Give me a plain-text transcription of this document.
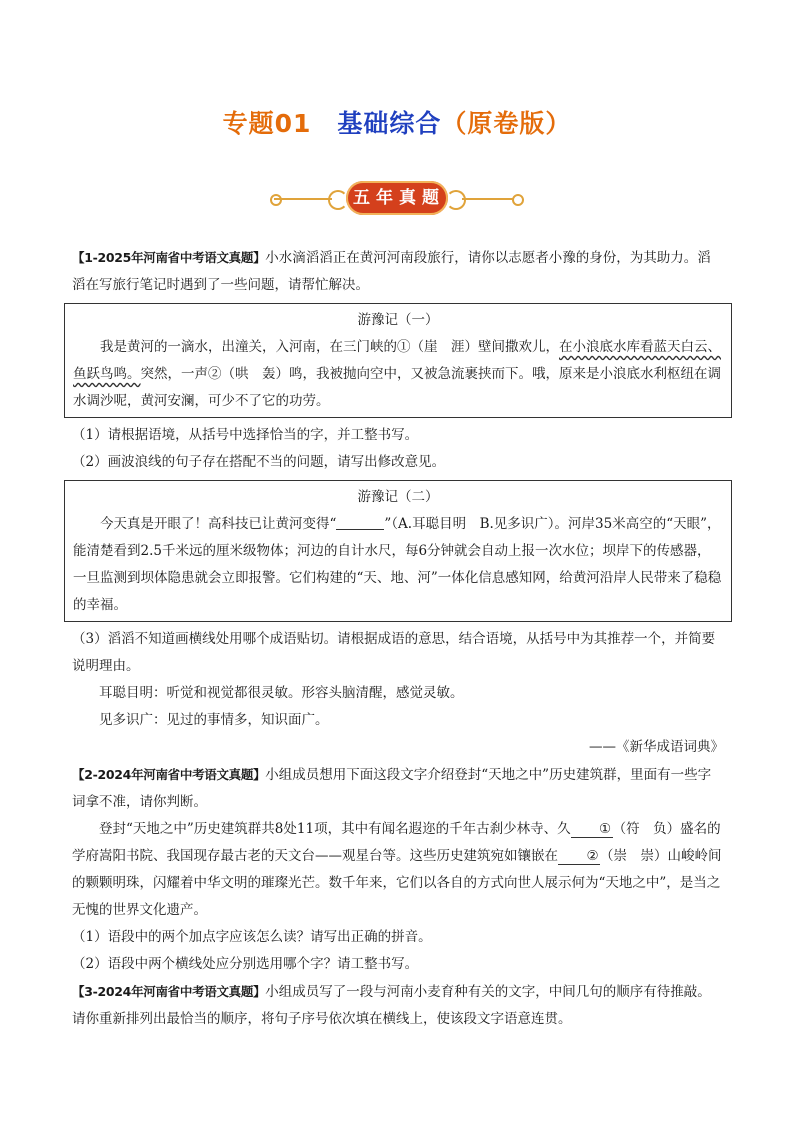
专题01 基础综合（原卷版）
五年真题

【1-2025年河南省中考语文真题】小水滴滔滔正在黄河河南段旅行，请你以志愿者小豫的身份，为其助力。滔滔在写旅行笔记时遇到了一些问题，请帮忙解决。

游豫记（一）

我是黄河的一滴水，出潼关，入河南，在三门峡的①（崖　涯）壁间撒欢儿，在小浪底水库看蓝天白云、鱼跃鸟鸣。突然，一声②（哄　轰）鸣，我被抛向空中，又被急流裹挟而下。哦，原来是小浪底水利枢纽在调水调沙呢，黄河安澜，可少不了它的功劳。

（1）请根据语境，从括号中选择恰当的字，并工整书写。

（2）画波浪线的句子存在搭配不当的问题，请写出修改意见。

游豫记（二）

今天真是开眼了！高科技已让黄河变得“	”（A.耳聪目明　B.见多识广）。河岸35米高空的“天眼”，能清楚看到2.5千米远的厘米级物体；河边的自计水尺，每6分钟就会自动上报一次水位；坝岸下的传感器，一旦监测到坝体隐患就会立即报警。它们构建的“天、地、河”一体化信息感知网，给黄河沿岸人民带来了稳稳的幸福。

（3）滔滔不知道画横线处用哪个成语贴切。请根据成语的意思，结合语境，从括号中为其推荐一个，并简要说明理由。

耳聪目明：听觉和视觉都很灵敏。形容头脑清醒，感觉灵敏。

见多识广：见过的事情多，知识面广。

——《新华成语词典》

【2-2024年河南省中考语文真题】小组成员想用下面这段文字介绍登封“天地之中”历史建筑群，里面有一些字词拿不准，请你判断。

登封“天地之中”历史建筑群共8处11项，其中有闻名遐迩的千年古刹少林寺、久 ①（符　负）盛名的学府嵩阳书院、我国现存最古老的天文台——观星台等。这些历史建筑宛如镶嵌在 ②（崇　崇）山峻岭间的颗颗明珠，闪耀着中华文明的璀璨光芒。数千年来，它们以各自的方式向世人展示何为“天地之中”，是当之无愧的世界文化遗产。

（1）语段中的两个加点字应该怎么读？请写出正确的拼音。

（2）语段中两个横线处应分别选用哪个字？请工整书写。

【3-2024年河南省中考语文真题】小组成员写了一段与河南小麦育种有关的文字，中间几句的顺序有待推敲。请你重新排列出最恰当的顺序，将句子序号依次填在横线上，使该段文字语意连贯。
